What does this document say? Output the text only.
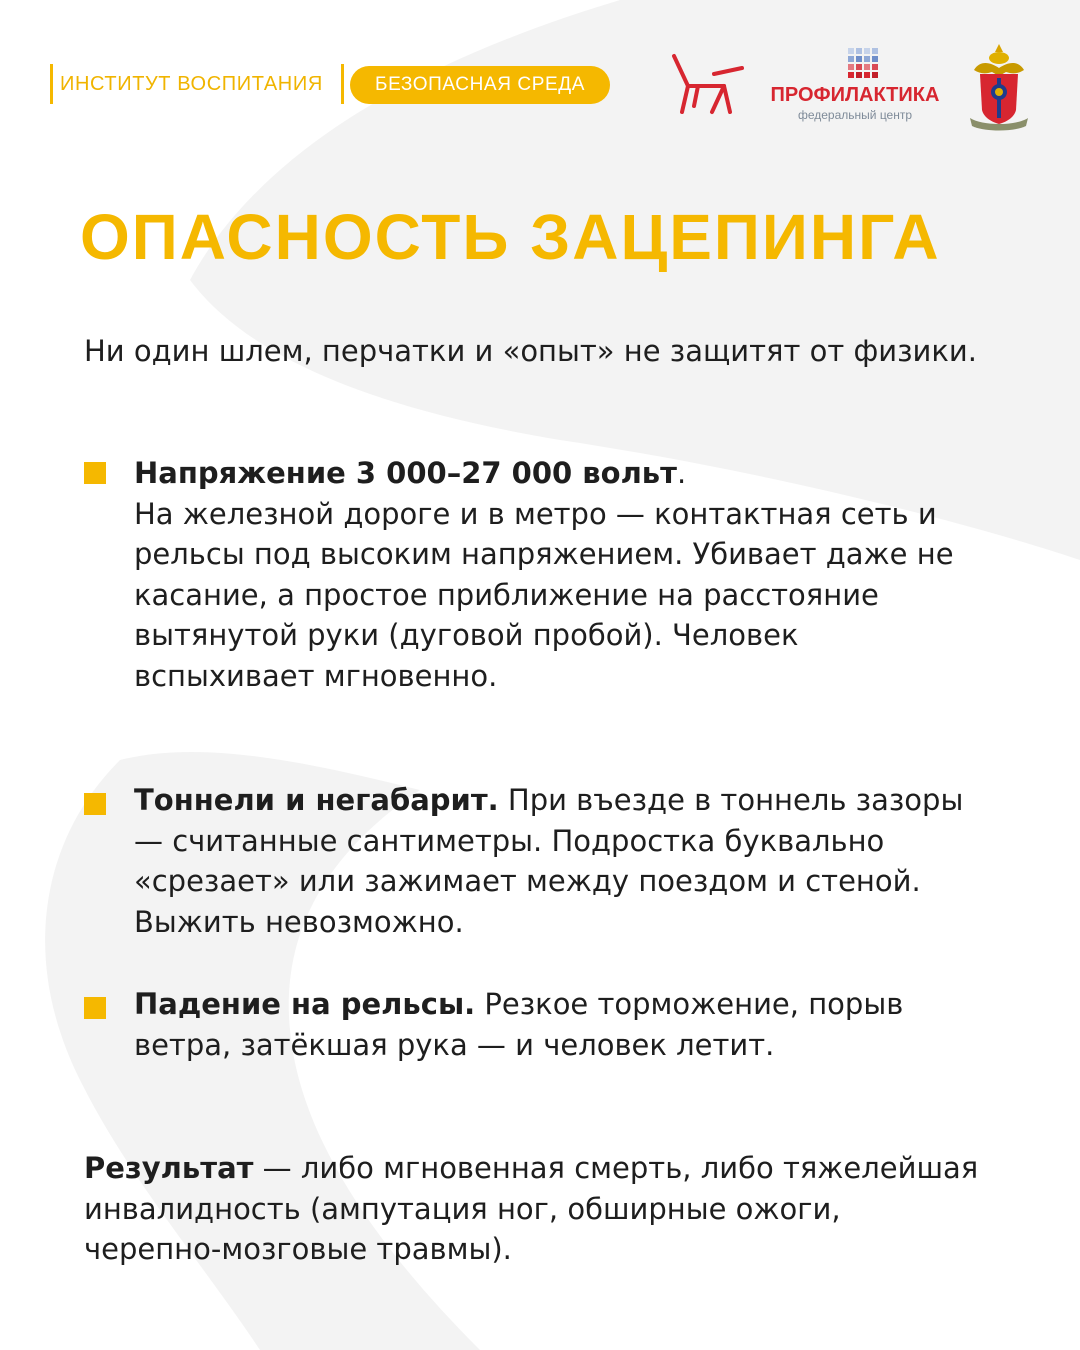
ИНСТИТУТ ВОСПИТАНИЯ	БЕЗОПАСНАЯ СРЕДА	ПРОФИЛАКТИКА
федеральный центр
ОПАСНОСТЬ ЗАЦЕПИНГА
Ни один шлем, перчатки и «опыт» не защитят от физики.
Напряжение 3 000–27 000 вольт.
На железной дороге и в метро — контактная сеть и рельсы под высоким напряжением. Убивает даже не касание, а простое приближение на расстояние вытянутой руки (дуговой пробой). Человек вспыхивает мгновенно.
Тоннели и негабарит. При въезде в тоннель зазоры — считанные сантиметры. Подростка буквально «срезает» или зажимает между поездом и стеной. Выжить невозможно.
Падение на рельсы. Резкое торможение, порыв ветра, затёкшая рука — и человек летит.
Результат — либо мгновенная смерть, либо тяжелейшая инвалидность (ампутация ног, обширные ожоги, черепно-мозговые травмы).
